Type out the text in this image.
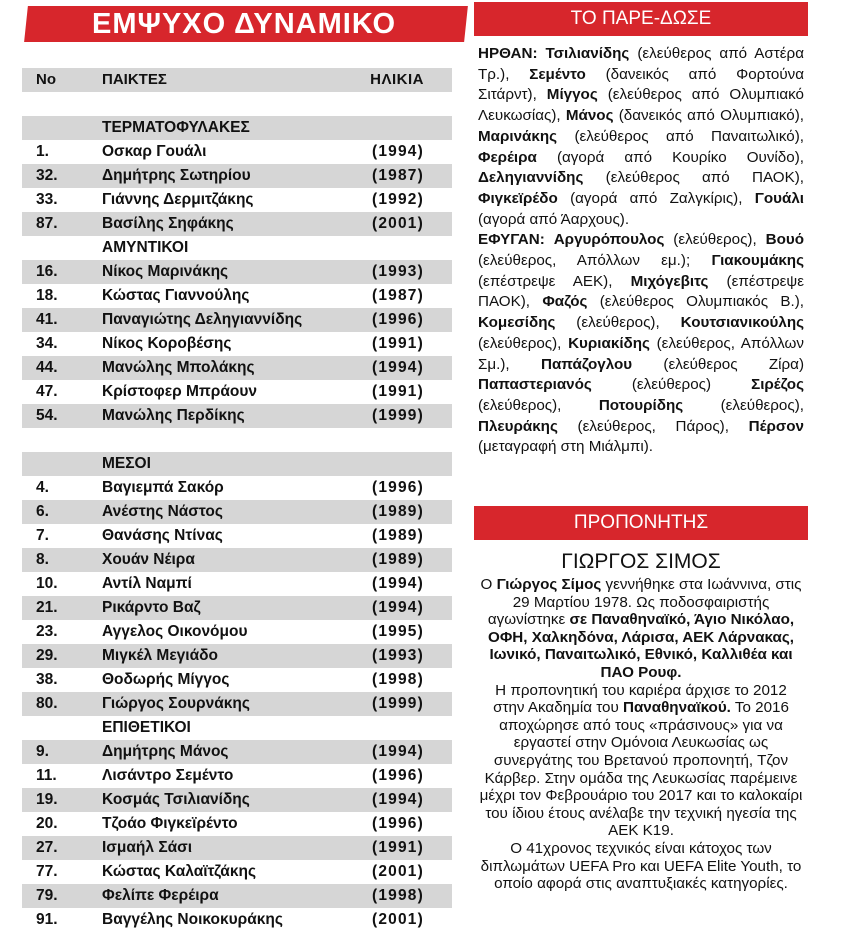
ΕΜΨΥΧΟ ΔΥΝΑΜΙΚΟ
No	ΠΑΙΚΤΕΣ	ΗΛΙΚΙΑ
ΤΕΡΜΑΤΟΦΥΛΑΚΕΣ
1.	Οσκαρ Γουάλι	(1994)
32.	Δημήτρης Σωτηρίου	(1987)
33.	Γιάννης Δερμιτζάκης	(1992)
87.	Βασίλης Σηφάκης	(2001)
ΑΜΥΝΤΙΚΟΙ
16.	Νίκος Μαρινάκης	(1993)
18.	Κώστας Γιαννούλης	(1987)
41.	Παναγιώτης Δεληγιαννίδης	(1996)
34.	Νίκος Κοροβέσης	(1991)
44.	Μανώλης Μπολάκης	(1994)
47.	Κρίστοφερ Μπράουν	(1991)
54.	Μανώλης Περδίκης	(1999)
ΜΕΣΟΙ
4.	Βαγιεμπά Σακόρ	(1996)
6.	Ανέστης Νάστος	(1989)
7.	Θανάσης Ντίνας	(1989)
8.	Χουάν Νέιρα	(1989)
10.	Αντίλ Ναμπί	(1994)
21.	Ρικάρντο Βαζ	(1994)
23.	Αγγελος Οικονόμου	(1995)
29.	Μιγκέλ Μεγιάδο	(1993)
38.	Θοδωρής Μίγγος	(1998)
80.	Γιώργος Σουρνάκης	(1999)
ΕΠΙΘΕΤΙΚΟΙ
9.	Δημήτρης Μάνος	(1994)
11.	Λισάντρο Σεμέντο	(1996)
19.	Κοσμάς Τσιλιανίδης	(1994)
20.	Τζοάο Φιγκεϊρέντο	(1996)
27.	Ισμαήλ Σάσι	(1991)
77.	Κώστας Καλαϊτζάκης	(2001)
79.	Φελίπε Φερέιρα	(1998)
91.	Βαγγέλης Νοικοκυράκης	(2001)
ΤΟ ΠΑΡΕ-ΔΩΣΕ
ΗΡΘΑΝ: Τσιλιανίδης (ελεύθερος από Αστέρα Τρ.), Σεμέντο (δανεικός από Φορτούνα Σιτάρντ), Μίγγος (ελεύθερος από Ολυμπιακό Λευκωσίας), Μάνος (δανεικός από Ολυμπιακό), Μαρινάκης (ελεύθερος από Παναιτωλικό), Φερέιρα (αγορά από Κουρίκο Ουνίδο), Δεληγιαννίδης (ελεύθερος από ΠΑΟΚ), Φιγκεϊρέδο (αγορά από Ζαλγκίρις), Γουάλι (αγορά από Άαρχους).
ΕΦΥΓΑΝ: Αργυρόπουλος (ελεύθερος), Βουό (ελεύθερος, Απόλλων εμ.); Γιακουμάκης (επέστρεψε ΑΕΚ), Μιχόγεβιτς (επέστρεψε ΠΑΟΚ), Φαζός (ελεύθερος Ολυμπιακός Β.), Κομεσίδης (ελεύθερος), Κουτσιανικούλης (ελεύθερος), Κυριακίδης (ελεύθερος, Απόλλων Σμ.), Παπάζογλου (ελεύθερος Ζίρα) Παπαστεριανός	(ελεύθερος)	Σιρέζος (ελεύθερος), Ποτουρίδης (ελεύθερος), Πλευράκης (ελεύθερος, Πάρος), Πέρσον (μεταγραφή στη Μιάλμπι).
ΠΡΟΠΟΝΗΤΗΣ
ΓΙΩΡΓΟΣ ΣΙΜΟΣ

Ο Γιώργος Σίμος γεννήθηκε στα Ιωάννινα, στις 29 Μαρτίου 1978. Ως ποδοσφαιριστής αγωνίστηκε σε Παναθηναϊκό, Άγιο Νικόλαο, ΟΦΗ, Χαλκηδόνα, Λάρισα, ΑΕΚ Λάρνακας, Ιωνικό, Παναιτωλικό, Εθνικό, Καλλιθέα και ΠΑΟ Ρουφ.

Η προπονητική του καριέρα άρχισε το 2012 στην Ακαδημία του Παναθηναϊκού. Το 2016 αποχώρησε από τους «πράσινους» για να εργαστεί στην Ομόνοια Λευκωσίας ως συνεργάτης του Βρετανού προπονητή, Τζον Κάρβερ. Στην ομάδα της Λευκωσίας παρέμεινε μέχρι τον Φεβρουάριο του 2017 και το καλοκαίρι του ίδιου έτους ανέλαβε την τεχνική ηγεσία της ΑΕΚ Κ19.

Ο 41χρονος τεχνικός είναι κάτοχος των διπλωμάτων UEFA Pro και UEFA Elite Youth, το οποίο αφορά στις αναπτυξιακές κατηγορίες.
